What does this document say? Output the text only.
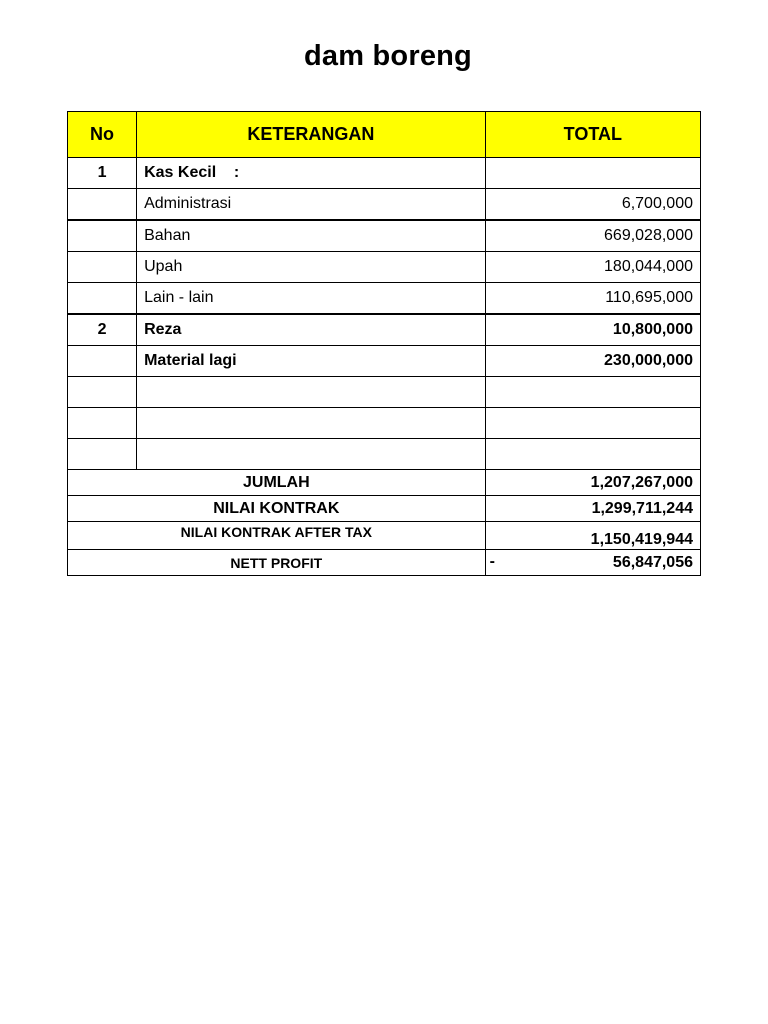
dam boreng
No	KETERANGAN	TOTAL
1	Kas Kecil    :	
	Administrasi	6,700,000
	Bahan	669,028,000
	Upah	180,044,000
	Lain - lain	110,695,000
2	Reza	10,800,000
	Material lagi	230,000,000

JUMLAH		1,207,267,000
NILAI KONTRAK		1,299,711,244
NILAI KONTRAK AFTER TAX		1,150,419,944
NETT PROFIT		- 56,847,056
